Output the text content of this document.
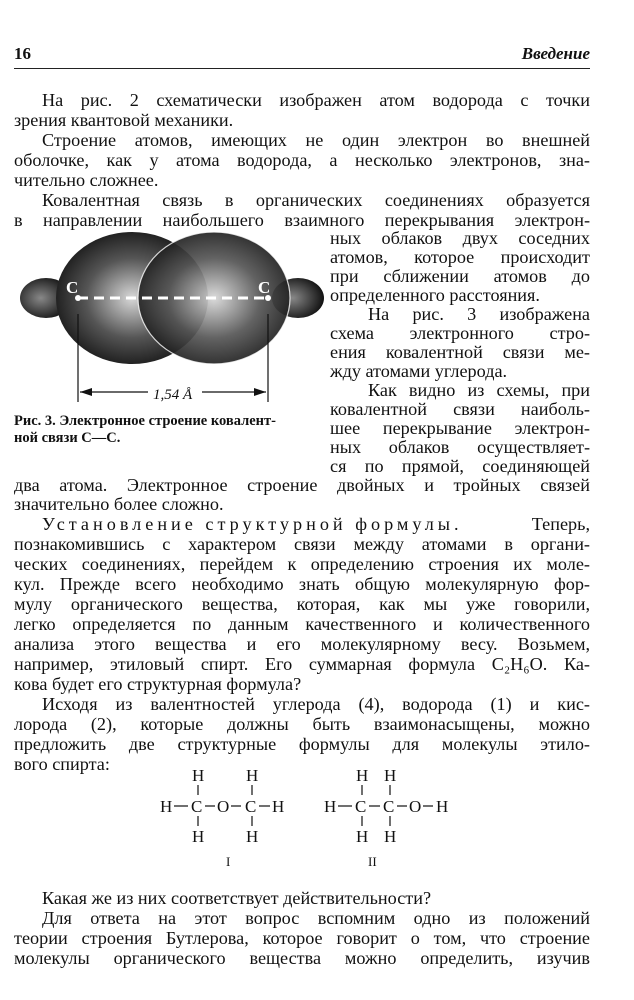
16	Введение
На рис. 2 схематически изображен атом водорода с точки
зрения квантовой механики.
Строение атомов, имеющих не один электрон во внешней
оболочке, как у атома водорода, а несколько электронов, зна-
чительно сложнее.
Ковалентная связь в органических соединениях образуется
в направлении наибольшего взаимного перекрывания электрон-
ных облаков двух соседних
атомов, которое происходит
при сближении атомов до
определенного расстояния.
На рис. 3 изображена
схема электронного стро-
ения ковалентной связи ме-
жду атомами углерода.
Как видно из схемы, при
ковалентной связи наиболь-
шее перекрывание электрон-
ных облаков осуществляет-
ся по прямой, соединяющей
два атома. Электронное строение двойных и тройных связей
значительно более сложно.
C	C
1,54 Å
Рис. 3. Электронное строение ковалент-
ной связи C—C.
Установление структурной формулы.	Теперь,
познакомившись с характером связи между атомами в органи-
ческих соединениях, перейдем к определению строения их моле-
кул. Прежде всего необходимо знать общую молекулярную фор-
мулу органического вещества, которая, как мы уже говорили,
легко определяется по данным качественного и количественного
анализа этого вещества и его молекулярному весу. Возьмем,
например, этиловый спирт. Его суммарная формула C₂H₆O. Ка-
кова будет его структурная формула?
Исходя из валентностей углерода (4), водорода (1) и кис-
лорода (2), которые должны быть взаимонасыщены, можно
предложить две структурные формулы для молекулы этило-
вого спирта:
H H
H C O C H
H H
I
H H
H C C O H
H H
II
Какая же из них соответствует действительности?
Для ответа на этот вопрос вспомним одно из положений
теории строения Бутлерова, которое говорит о том, что строение
молекулы органического вещества можно определить, изучив
